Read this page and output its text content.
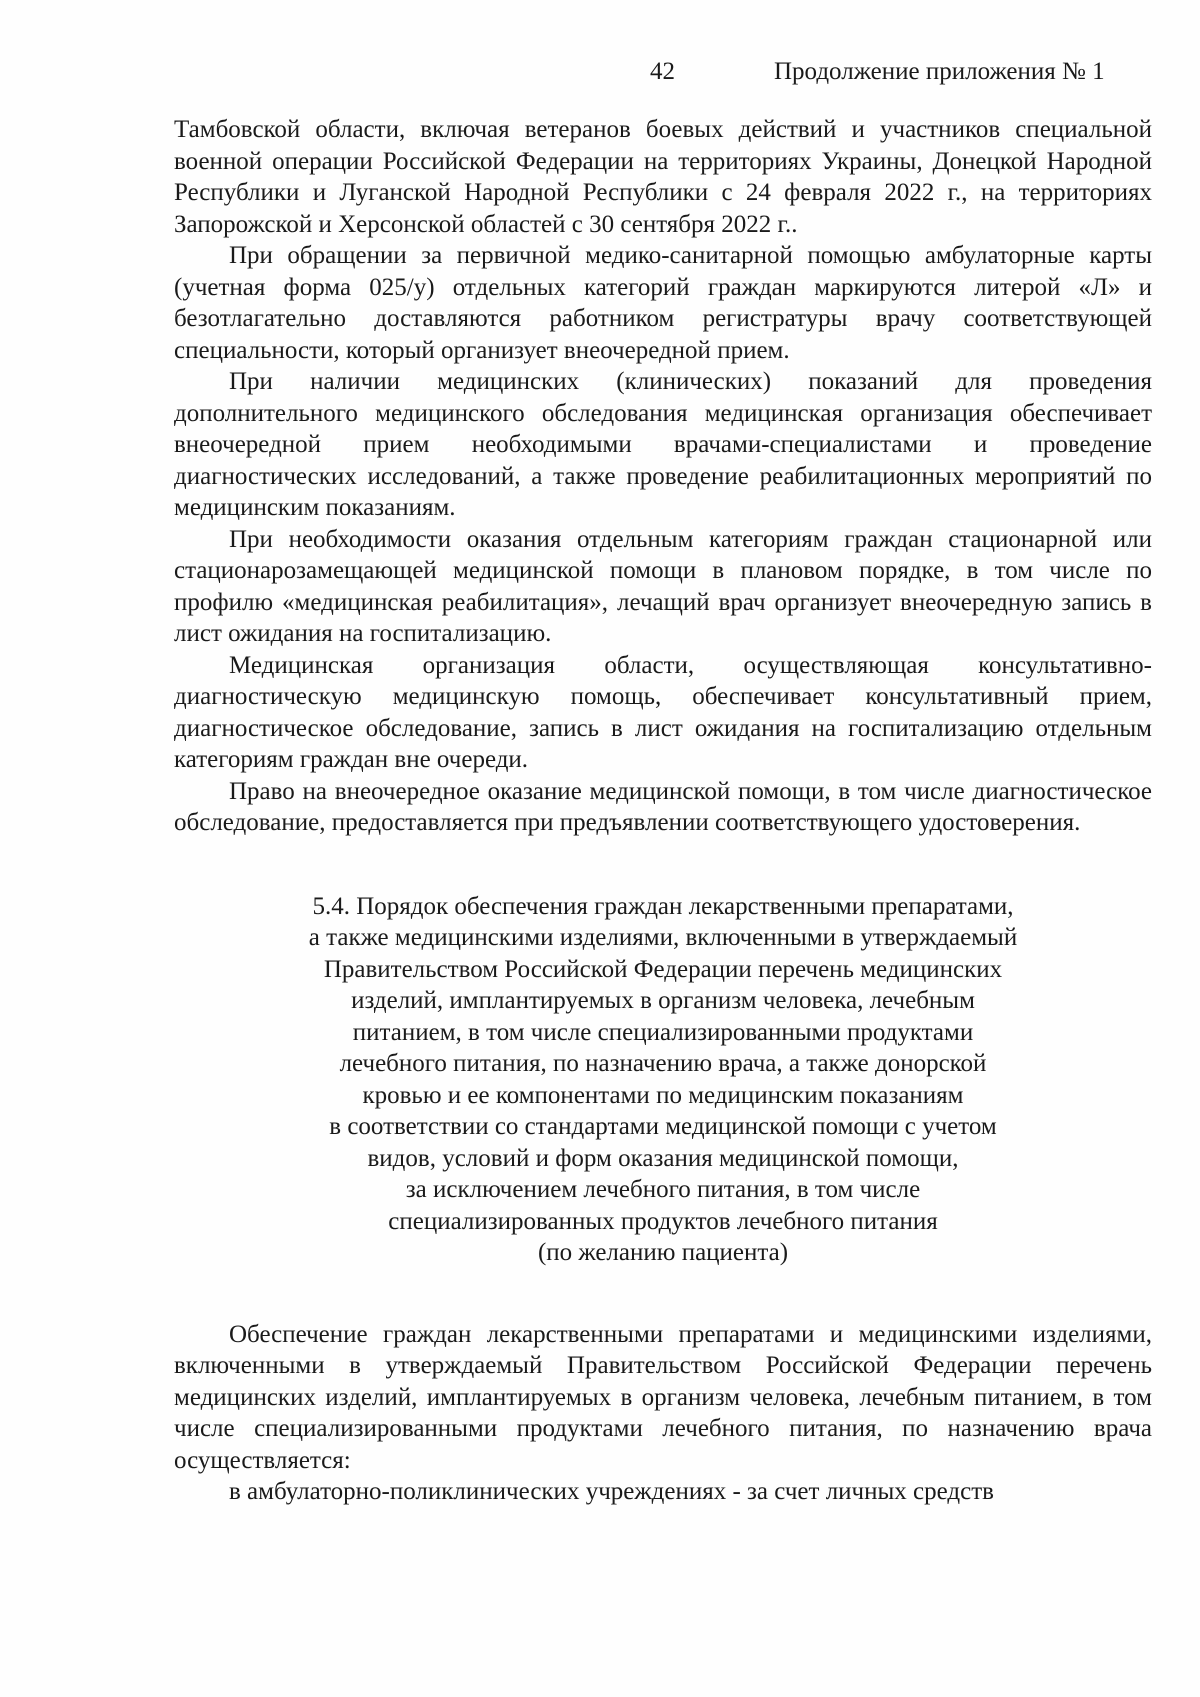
42	Продолжение приложения № 1

Тамбовской области, включая ветеранов боевых действий и участников специальной военной операции Российской Федерации на территориях Украины, Донецкой Народной Республики и Луганской Народной Республики с 24 февраля 2022 г., на территориях Запорожской и Херсонской областей с 30 сентября 2022 г..

При обращении за первичной медико-санитарной помощью амбулаторные карты (учетная форма 025/у) отдельных категорий граждан маркируются литерой «Л» и безотлагательно доставляются работником регистратуры врачу соответствующей специальности, который организует внеочередной прием.

При наличии медицинских (клинических) показаний для проведения дополнительного медицинского обследования медицинская организация обеспечивает внеочередной прием необходимыми врачами-специалистами и проведение диагностических исследований, а также проведение реабилитационных мероприятий по медицинским показаниям.

При необходимости оказания отдельным категориям граждан стационарной или стационарозамещающей медицинской помощи в плановом порядке, в том числе по профилю «медицинская реабилитация», лечащий врач организует внеочередную запись в лист ожидания на госпитализацию.

Медицинская организация области, осуществляющая консультативно-диагностическую медицинскую помощь, обеспечивает консультативный прием, диагностическое обследование, запись в лист ожидания на госпитализацию отдельным категориям граждан вне очереди.

Право на внеочередное оказание медицинской помощи, в том числе диагностическое обследование, предоставляется при предъявлении соответствующего удостоверения.

5.4. Порядок обеспечения граждан лекарственными препаратами,
а также медицинскими изделиями, включенными в утверждаемый
Правительством Российской Федерации перечень медицинских
изделий, имплантируемых в организм человека, лечебным
питанием, в том числе специализированными продуктами
лечебного питания, по назначению врача, а также донорской
кровью и ее компонентами по медицинским показаниям
в соответствии со стандартами медицинской помощи с учетом
видов, условий и форм оказания медицинской помощи,
за исключением лечебного питания, в том числе
специализированных продуктов лечебного питания
(по желанию пациента)

Обеспечение граждан лекарственными препаратами и медицинскими изделиями, включенными в утверждаемый Правительством Российской Федерации перечень медицинских изделий, имплантируемых в организм человека, лечебным питанием, в том числе специализированными продуктами лечебного питания, по назначению врача осуществляется:

в амбулаторно-поликлинических учреждениях - за счет личных средств
